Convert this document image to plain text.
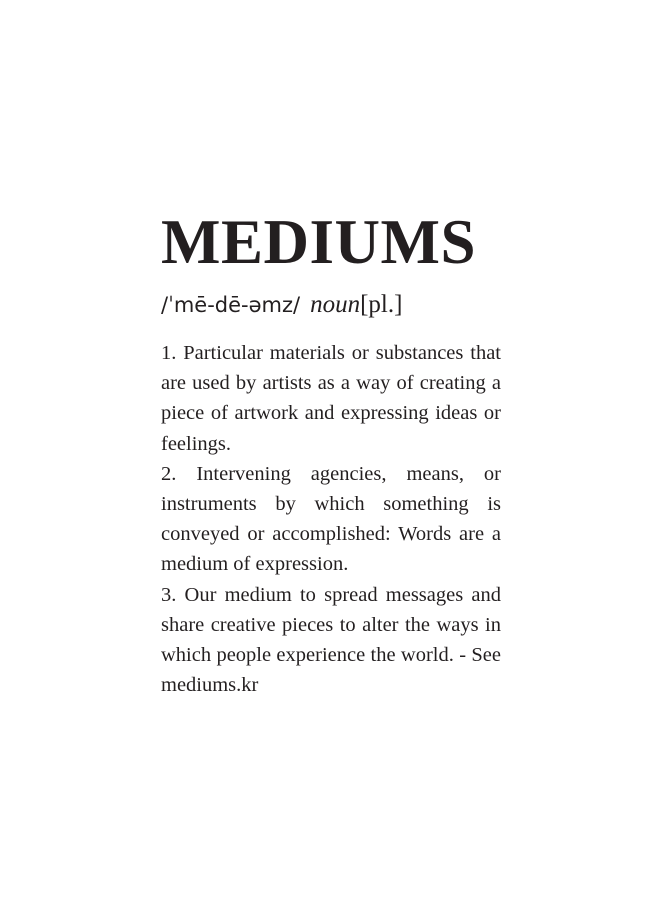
MEDIUMS
/ˈmē-dē-əmz/ noun[pl.]

1. Particular materials or substances that are used by artists as a way of creating a piece of artwork and expressing ideas or feelings.

2. Intervening agencies, means, or instruments by which something is conveyed or accomplished: Words are a medium of expression.

3. Our medium to spread messages and share creative pieces to alter the ways in which people experience the world. - See mediums.kr
